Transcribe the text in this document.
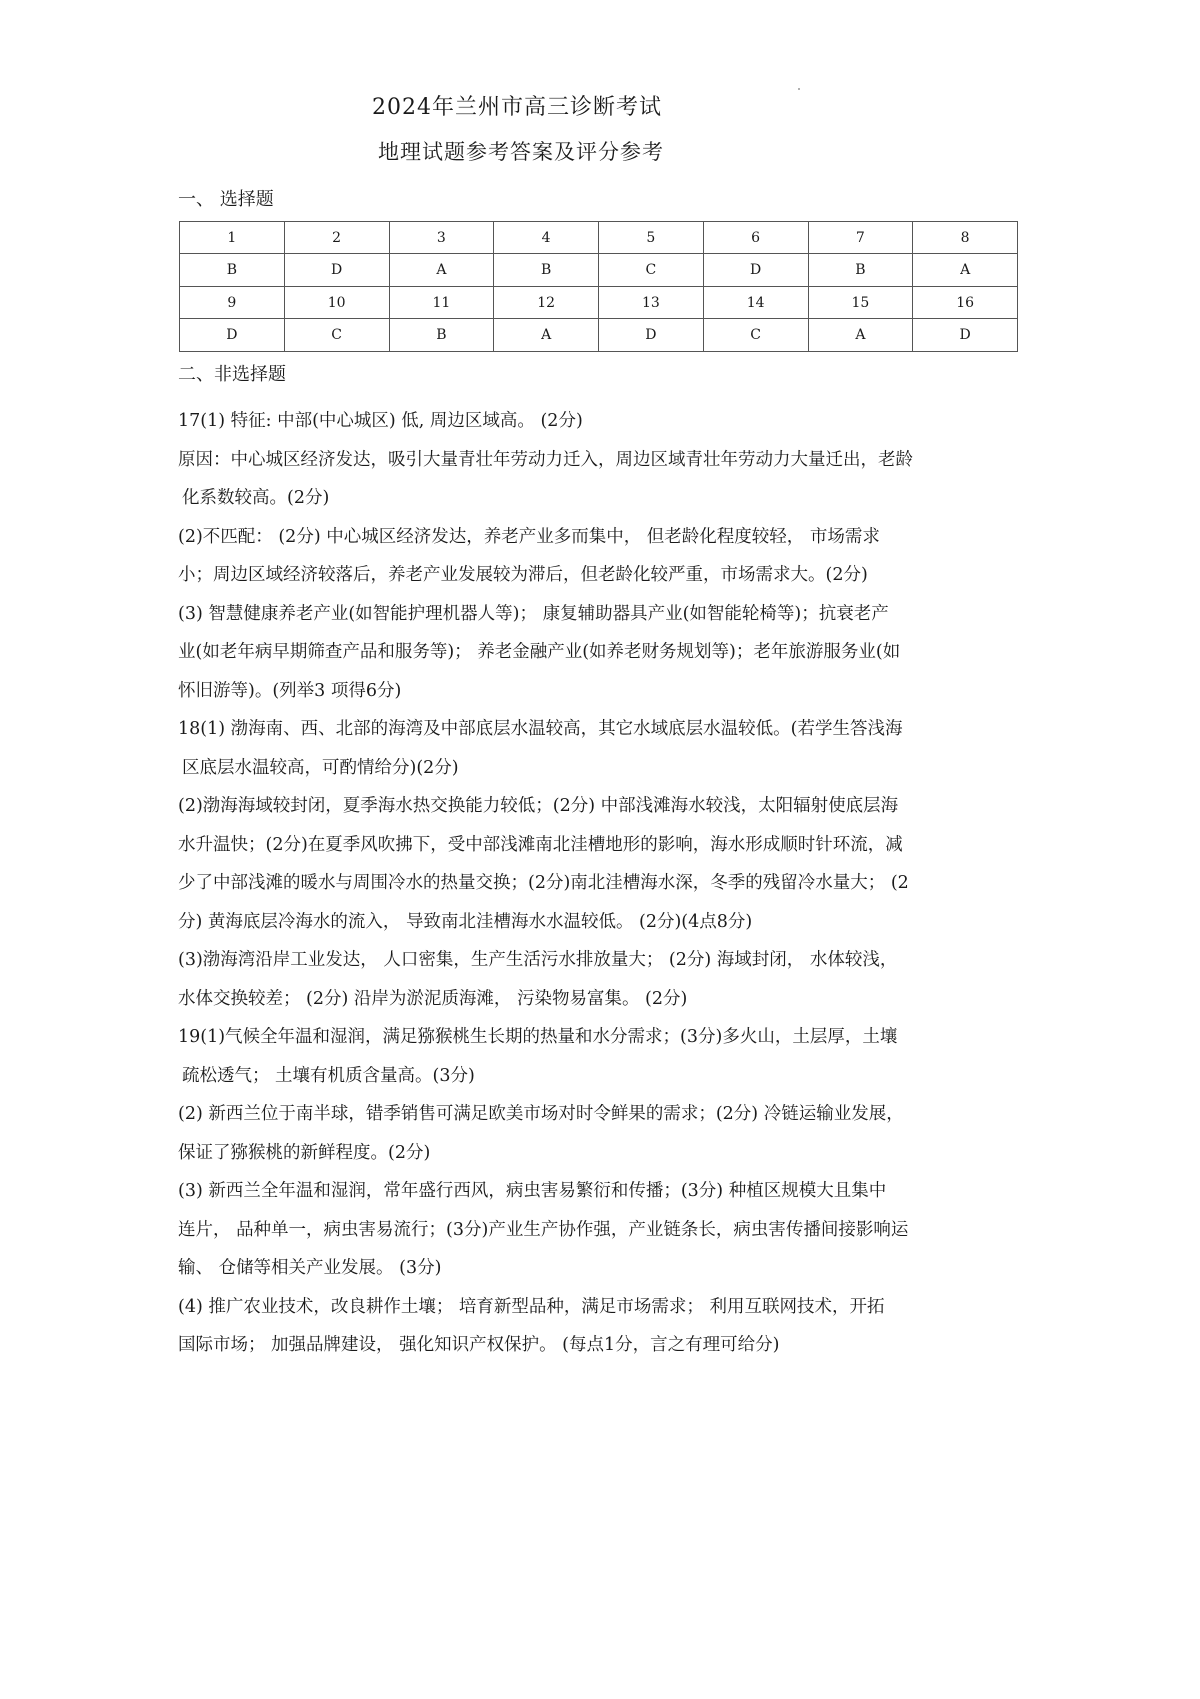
2024年兰州市高三诊断考试
地理试题参考答案及评分参考
一、 选择题
1	2	3	4	5	6	7	8
B	D	A	B	C	D	B	A
9	10	11	12	13	14	15	16
D	C	B	A	D	C	A	D
二、非选择题

17(1) 特征: 中部(中心城区) 低, 周边区域高。 (2分)

原因：中心城区经济发达，吸引大量青壮年劳动力迁入，周边区域青壮年劳动力大量迁出，老龄

化系数较高。(2分)

(2)不匹配： (2分) 中心城区经济发达，养老产业多而集中， 但老龄化程度较轻， 市场需求

小；周边区域经济较落后，养老产业发展较为滞后，但老龄化较严重，市场需求大。(2分)

(3) 智慧健康养老产业(如智能护理机器人等)； 康复辅助器具产业(如智能轮椅等)；抗衰老产

业(如老年病早期筛查产品和服务等)； 养老金融产业(如养老财务规划等)；老年旅游服务业(如

怀旧游等)。(列举3 项得6分)

18(1) 渤海南、西、北部的海湾及中部底层水温较高，其它水域底层水温较低。(若学生答浅海

区底层水温较高，可酌情给分)(2分)

(2)渤海海域较封闭，夏季海水热交换能力较低；(2分) 中部浅滩海水较浅，太阳辐射使底层海

水升温快；(2分)在夏季风吹拂下，受中部浅滩南北洼槽地形的影响，海水形成顺时针环流，减

少了中部浅滩的暖水与周围冷水的热量交换；(2分)南北洼槽海水深，冬季的残留冷水量大； (2

分) 黄海底层冷海水的流入， 导致南北洼槽海水水温较低。 (2分)(4点8分)

(3)渤海湾沿岸工业发达， 人口密集，生产生活污水排放量大； (2分) 海域封闭， 水体较浅，

水体交换较差； (2分) 沿岸为淤泥质海滩， 污染物易富集。 (2分)

19(1)气候全年温和湿润，满足猕猴桃生长期的热量和水分需求；(3分)多火山，土层厚，土壤

疏松透气； 土壤有机质含量高。(3分)

(2) 新西兰位于南半球，错季销售可满足欧美市场对时令鲜果的需求；(2分) 冷链运输业发展，

保证了猕猴桃的新鲜程度。(2分)

(3) 新西兰全年温和湿润，常年盛行西风，病虫害易繁衍和传播；(3分) 种植区规模大且集中

连片， 品种单一，病虫害易流行；(3分)产业生产协作强，产业链条长，病虫害传播间接影响运

输、 仓储等相关产业发展。 (3分)

(4) 推广农业技术，改良耕作土壤； 培育新型品种，满足市场需求； 利用互联网技术，开拓

国际市场； 加强品牌建设， 强化知识产权保护。 (每点1分，言之有理可给分)
